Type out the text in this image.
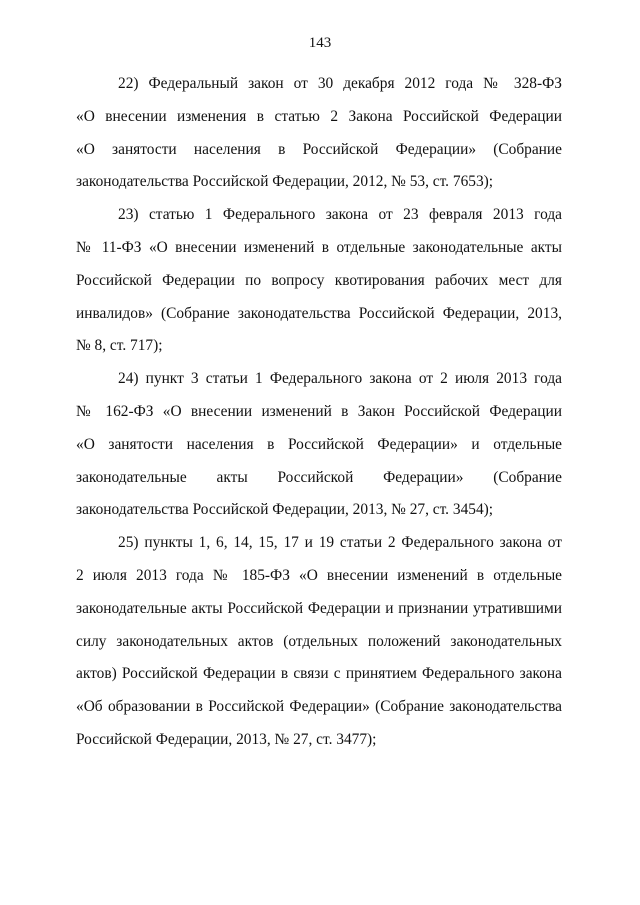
143
22) Федеральный закон от 30 декабря 2012 года № 328-ФЗ
«О внесении изменения в статью 2 Закона Российской Федерации
«О занятости населения в Российской Федерации» (Собрание
законодательства Российской Федерации, 2012, № 53, ст. 7653);
23) статью 1 Федерального закона от 23 февраля 2013 года
№ 11-ФЗ «О внесении изменений в отдельные законодательные акты
Российской Федерации по вопросу квотирования рабочих мест для
инвалидов» (Собрание законодательства Российской Федерации, 2013,
№ 8, ст. 717);
24) пункт 3 статьи 1 Федерального закона от 2 июля 2013 года
№ 162-ФЗ «О внесении изменений в Закон Российской Федерации
«О занятости населения в Российской Федерации» и отдельные
законодательные акты Российской Федерации» (Собрание
законодательства Российской Федерации, 2013, № 27, ст. 3454);
25) пункты 1, 6, 14, 15, 17 и 19 статьи 2 Федерального закона от
2 июля 2013 года № 185-ФЗ «О внесении изменений в отдельные
законодательные акты Российской Федерации и признании утратившими
силу законодательных актов (отдельных положений законодательных
актов) Российской Федерации в связи с принятием Федерального закона
«Об образовании в Российской Федерации» (Собрание законодательства
Российской Федерации, 2013, № 27, ст. 3477);
